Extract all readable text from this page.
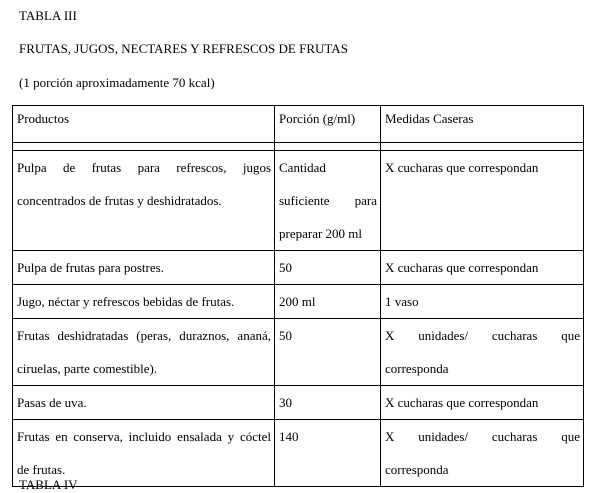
TABLA III
FRUTAS, JUGOS, NECTARES Y REFRESCOS DE FRUTAS
(1 porción aproximadamente 70 kcal)
Productos	Porción (g/ml)	Medidas Caseras

Pulpa de frutas para refrescos, jugos concentrados de frutas y deshidratados.	Cantidad suficiente para preparar 200 ml	X cucharas que correspondan
Pulpa de frutas para postres.	50	X cucharas que correspondan
Jugo, néctar y refrescos bebidas de frutas.	200 ml	1 vaso
Frutas deshidratadas (peras, duraznos, ananá, ciruelas, parte comestible).	50	X unidades/ cucharas que corresponda
Pasas de uva.	30	X cucharas que correspondan
Frutas en conserva, incluido ensalada y cóctel de frutas.	140	X unidades/ cucharas que corresponda
TABLA IV
